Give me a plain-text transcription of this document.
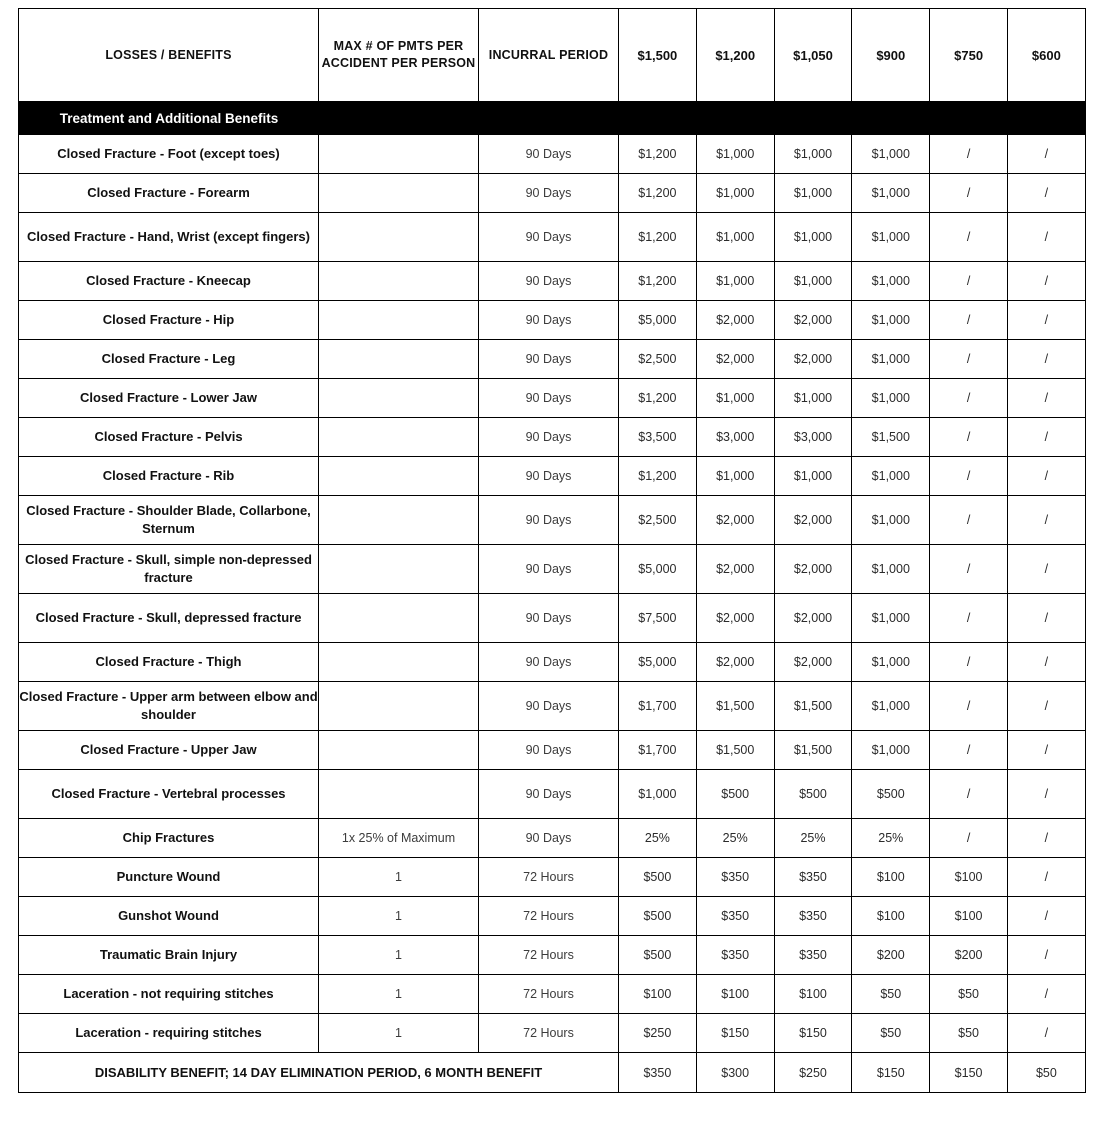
LOSSES / BENEFITS	MAX # OF PMTS PER ACCIDENT PER PERSON	INCURRAL PERIOD	$1,500	$1,200	$1,050	$900	$750	$600

Treatment and Additional Benefits								

Closed Fracture - Foot (except toes)		90 Days	$1,200	$1,000	$1,000	$1,000	/	/
Closed Fracture - Forearm		90 Days	$1,200	$1,000	$1,000	$1,000	/	/
Closed Fracture - Hand, Wrist (except fingers)		90 Days	$1,200	$1,000	$1,000	$1,000	/	/
Closed Fracture - Kneecap		90 Days	$1,200	$1,000	$1,000	$1,000	/	/
Closed Fracture - Hip		90 Days	$5,000	$2,000	$2,000	$1,000	/	/
Closed Fracture - Leg		90 Days	$2,500	$2,000	$2,000	$1,000	/	/
Closed Fracture - Lower Jaw		90 Days	$1,200	$1,000	$1,000	$1,000	/	/
Closed Fracture - Pelvis		90 Days	$3,500	$3,000	$3,000	$1,500	/	/
Closed Fracture - Rib		90 Days	$1,200	$1,000	$1,000	$1,000	/	/
Closed Fracture - Shoulder Blade, Collarbone, Sternum		90 Days	$2,500	$2,000	$2,000	$1,000	/	/
Closed Fracture - Skull, simple non-depressed fracture		90 Days	$5,000	$2,000	$2,000	$1,000	/	/
Closed Fracture - Skull, depressed fracture		90 Days	$7,500	$2,000	$2,000	$1,000	/	/
Closed Fracture - Thigh		90 Days	$5,000	$2,000	$2,000	$1,000	/	/
Closed Fracture - Upper arm between elbow and shoulder		90 Days	$1,700	$1,500	$1,500	$1,000	/	/
Closed Fracture - Upper Jaw		90 Days	$1,700	$1,500	$1,500	$1,000	/	/
Closed Fracture - Vertebral processes		90 Days	$1,000	$500	$500	$500	/	/
Chip Fractures	1x 25% of Maximum	90 Days	25%	25%	25%	25%	/	/
Puncture Wound	1	72 Hours	$500	$350	$350	$100	$100	/
Gunshot Wound	1	72 Hours	$500	$350	$350	$100	$100	/
Traumatic Brain Injury	1	72 Hours	$500	$350	$350	$200	$200	/
Laceration - not requiring stitches	1	72 Hours	$100	$100	$100	$50	$50	/
Laceration - requiring stitches	1	72 Hours	$250	$150	$150	$50	$50	/
DISABILITY BENEFIT; 14 DAY ELIMINATION PERIOD, 6 MONTH BENEFIT			$350	$300	$250	$150	$150	$50
